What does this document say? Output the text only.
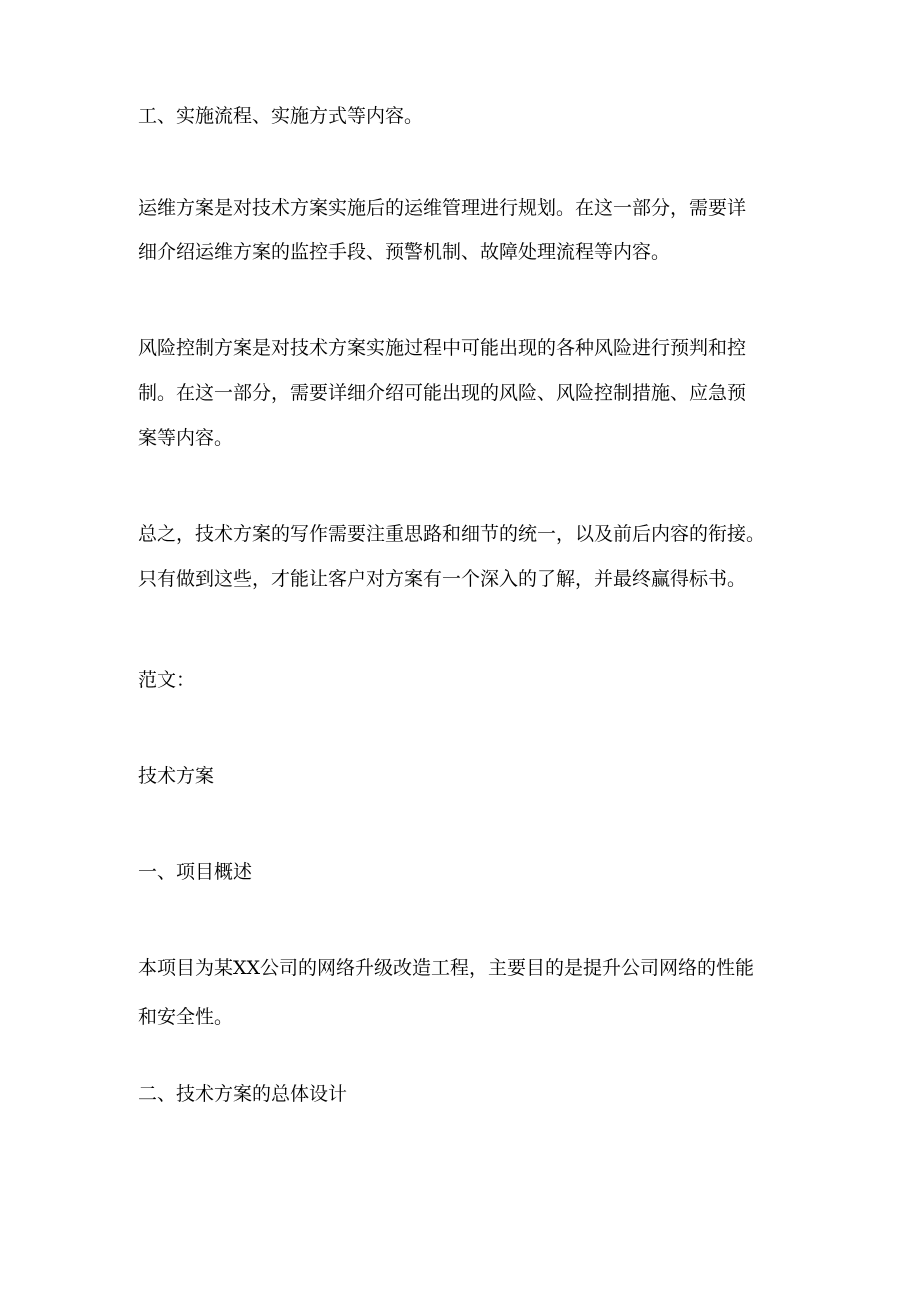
工、实施流程、实施方式等内容。

运维方案是对技术方案实施后的运维管理进行规划。在这一部分，需要详

细介绍运维方案的监控手段、预警机制、故障处理流程等内容。

风险控制方案是对技术方案实施过程中可能出现的各种风险进行预判和控

制。在这一部分，需要详细介绍可能出现的风险、风险控制措施、应急预

案等内容。

总之，技术方案的写作需要注重思路和细节的统一，以及前后内容的衔接。

只有做到这些，才能让客户对方案有一个深入的了解，并最终赢得标书。

范文：

技术方案

一、项目概述

本项目为某XX公司的网络升级改造工程，主要目的是提升公司网络的性能

和安全性。

二、技术方案的总体设计
